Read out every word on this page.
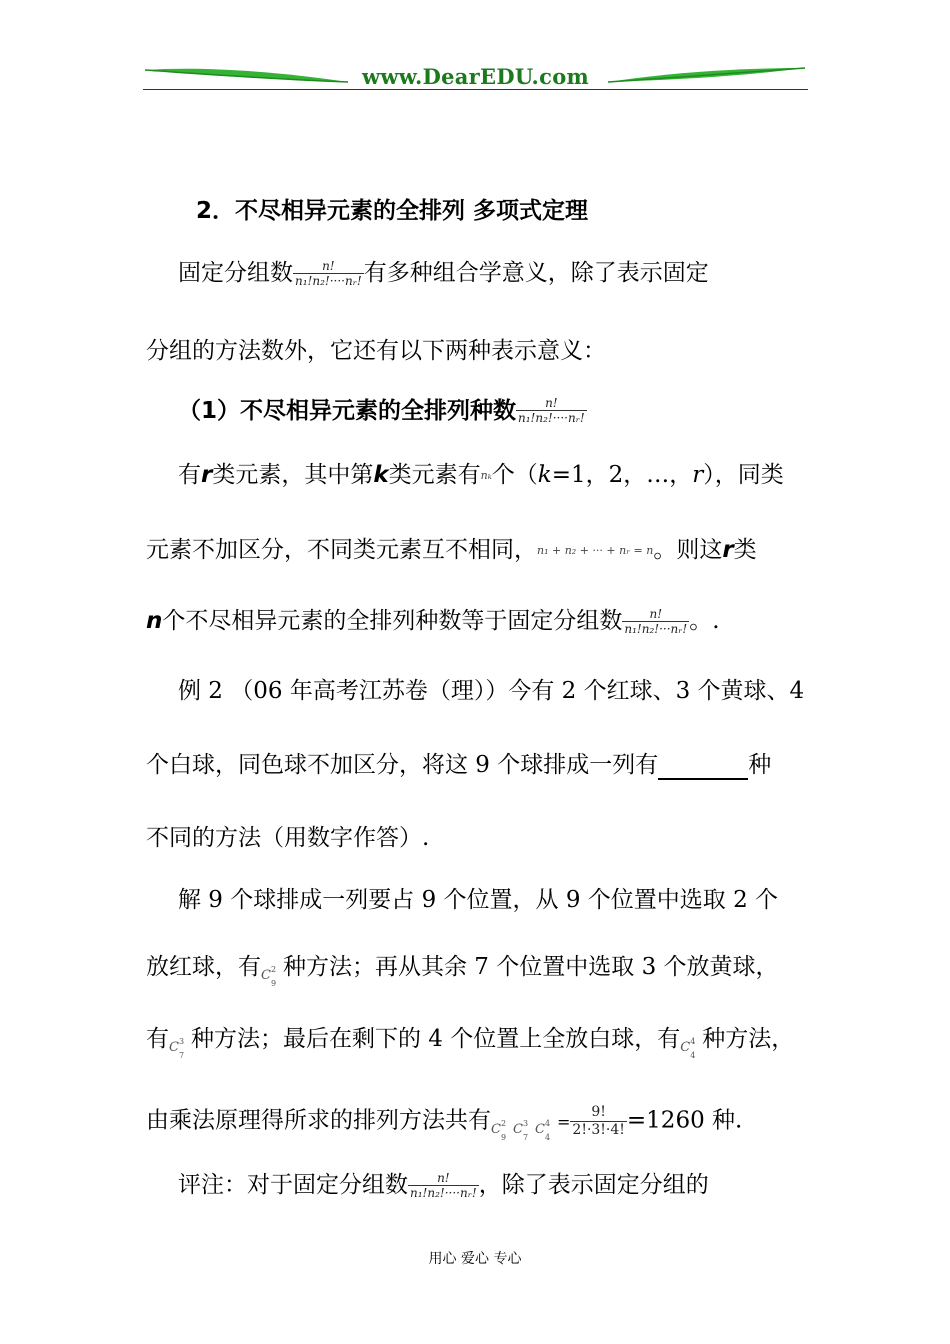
www.DearEDU.com
2．不尽相异元素的全排列 多项式定理
固定分组数 $\frac{n!}{\text{n₁!n₂!····nᵣ!}}$ 有多种组合学意义，除了表示固定
分组的方法数外，它还有以下两种表示意义：
（1）不尽相异元素的全排列种数 $\frac{n!}{\text{n₁!n₂!····nᵣ!}}$
有r类元素，其中第k类元素有nₖ个（k=1，2，…，r），同类
元素不加区分，不同类元素互不相同，n₁ + n₂ + ··· + nᵣ = n。则这r类
n个不尽相异元素的全排列种数等于固定分组数 $\frac{n!}{\text{n₁!n₂!···nᵣ!}}$ 。.
例 2 （06 年高考江苏卷（理））今有 2 个红球、3 个黄球、4
个白球，同色球不加区分，将这 9 个球排成一列有	种
不同的方法（用数字作答）.
解 9 个球排成一列要占 9 个位置，从 9 个位置中选取 2 个
放红球，有 C 2
9
种方法；再从其余 7 个位置中选取 3 个放黄球，
有 C 3
7
种方法；最后在剩下的 4 个位置上全放白球，有 C 4
4
种方法，
由乘法原理得所求的排列方法共有 C 2
9
C 3
7
C 4
4
= $\frac{9!}{2!\cdot 3!\cdot 4!} =1260$ 种.
评注：对于固定分组数 $\frac{n!}{\text{n₁!n₂!····nᵣ!}}$ ，除了表示固定分组的
用心 爱心 专心
